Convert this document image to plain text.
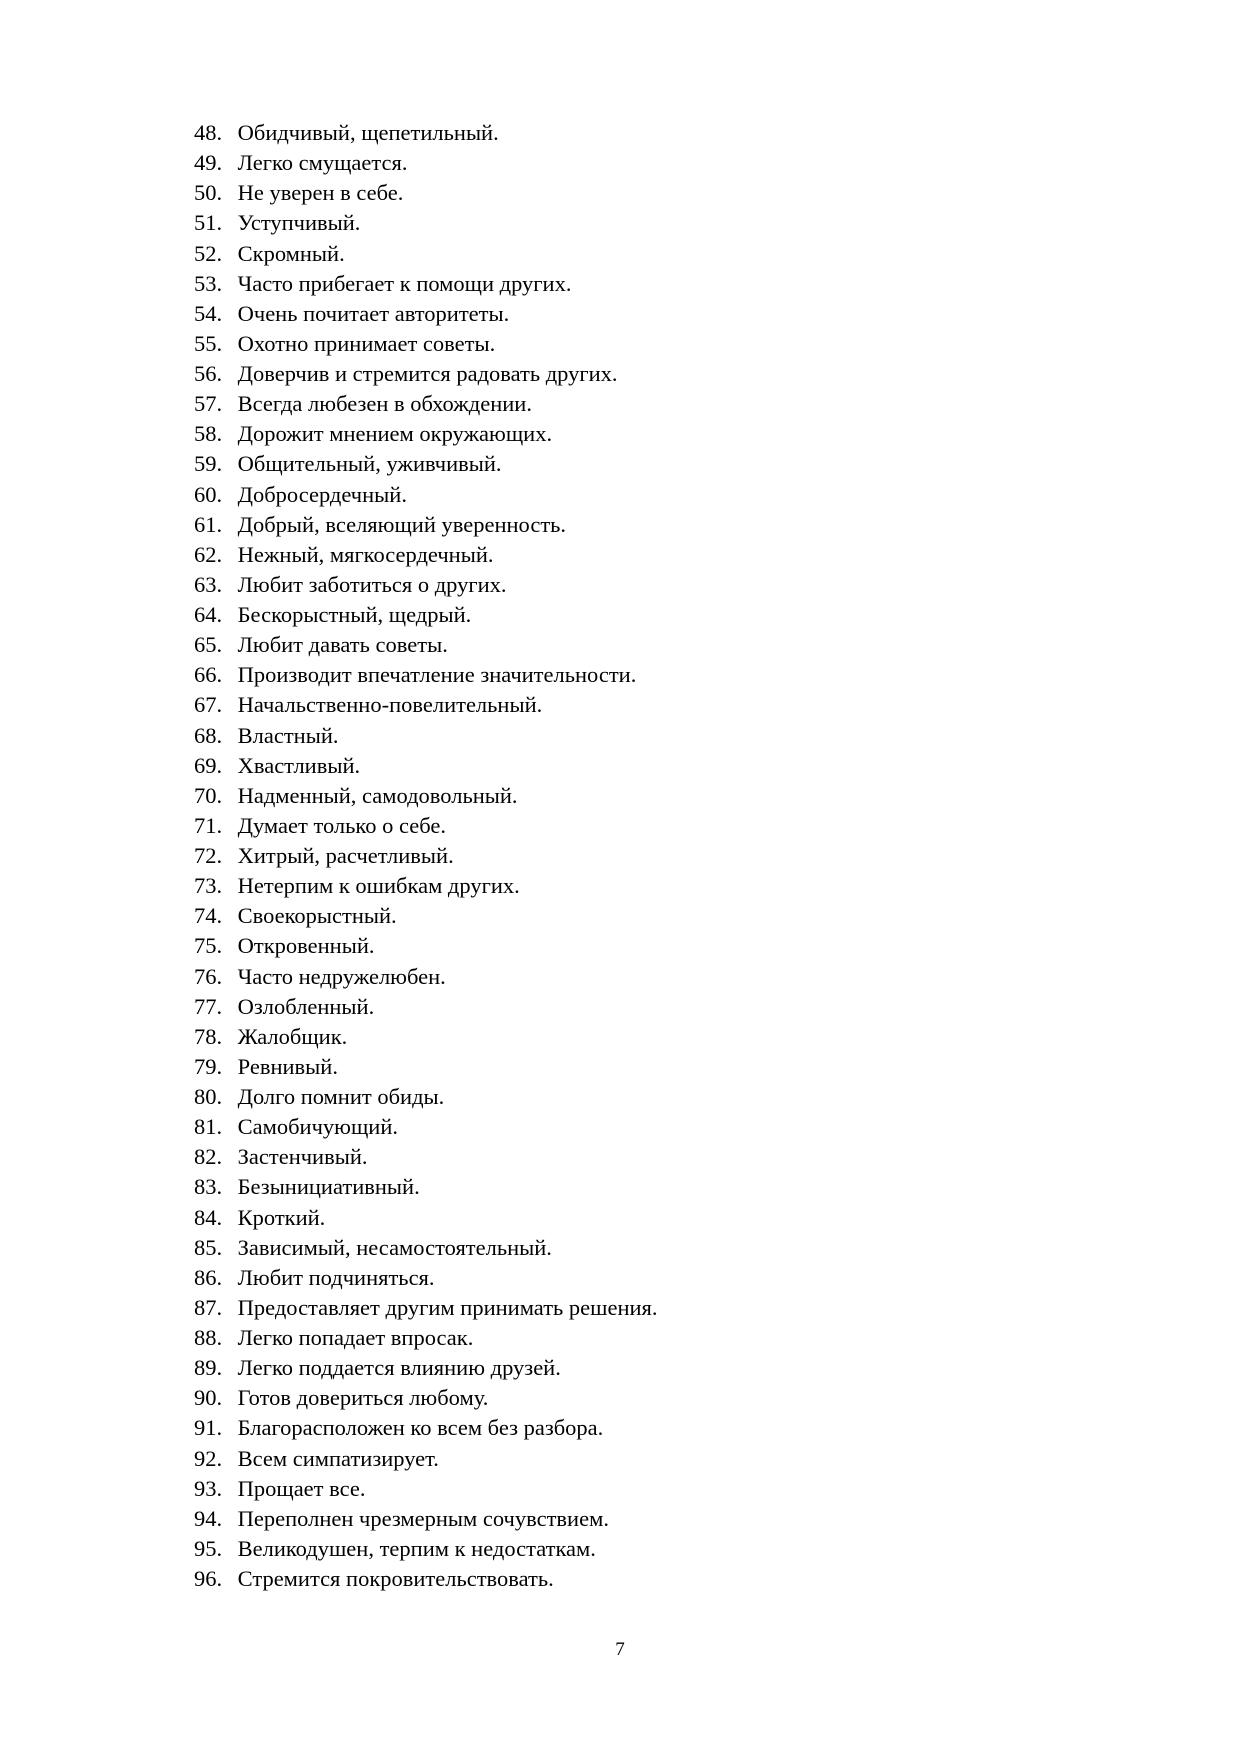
48. Обидчивый, щепетильный.
49. Легко смущается.
50. Не уверен в себе.
51. Уступчивый.
52. Скромный.
53. Часто прибегает к помощи других.
54. Очень почитает авторитеты.
55. Охотно принимает советы.
56. Доверчив и стремится радовать других.
57. Всегда любезен в обхождении.
58. Дорожит мнением окружающих.
59. Общительный, уживчивый.
60. Добросердечный.
61. Добрый, вселяющий уверенность.
62. Нежный, мягкосердечный.
63. Любит заботиться о других.
64. Бескорыстный, щедрый.
65. Любит давать советы.
66. Производит впечатление значительности.
67. Начальственно-повелительный.
68. Властный.
69. Хвастливый.
70. Надменный, самодовольный.
71. Думает только о себе.
72. Хитрый, расчетливый.
73. Нетерпим к ошибкам других.
74. Своекорыстный.
75. Откровенный.
76. Часто недружелюбен.
77. Озлобленный.
78. Жалобщик.
79. Ревнивый.
80. Долго помнит обиды.
81. Самобичующий.
82. Застенчивый.
83. Безынициативный.
84. Кроткий.
85. Зависимый, несамостоятельный.
86. Любит подчиняться.
87. Предоставляет другим принимать решения.
88. Легко попадает впросак.
89. Легко поддается влиянию друзей.
90. Готов довериться любому.
91. Благорасположен ко всем без разбора.
92. Всем симпатизирует.
93. Прощает все.
94. Переполнен чрезмерным сочувствием.
95. Великодушен, терпим к недостаткам.
96. Стремится покровительствовать.
7
